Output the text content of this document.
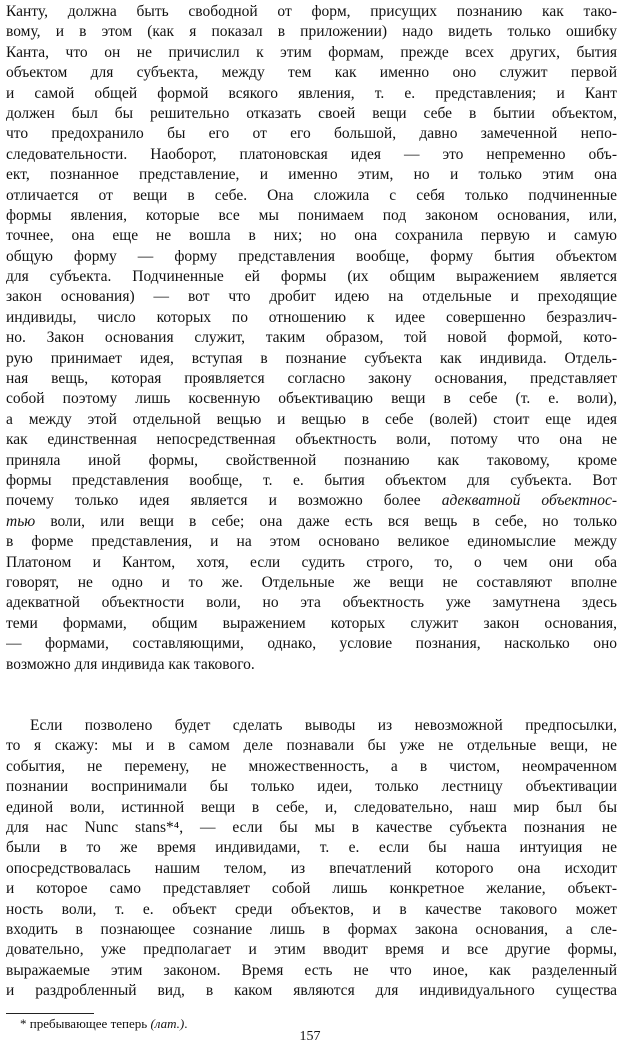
Канту, должна быть свободной от форм, присущих познанию как тако-
вому, и в этом (как я показал в приложении) надо видеть только ошибку
Канта, что он не причислил к этим формам, прежде всех других, бытия
объектом для субъекта, между тем как именно оно служит первой
и самой общей формой всякого явления, т. е. представления; и Кант
должен был бы решительно отказать своей вещи себе в бытии объектом,
что предохранило бы его от его большой, давно замеченной непо-
следовательности. Наоборот, платоновская идея — это непременно объ-
ект, познанное представление, и именно этим, но и только этим она
отличается от вещи в себе. Она сложила с себя только подчиненные
формы явления, которые все мы понимаем под законом основания, или,
точнее, она еще не вошла в них; но она сохранила первую и самую
общую форму — форму представления вообще, форму бытия объектом
для субъекта. Подчиненные ей формы (их общим выражением является
закон основания) — вот что дробит идею на отдельные и преходящие
индивиды, число которых по отношению к идее совершенно безразлич-
но. Закон основания служит, таким образом, той новой формой, кото-
рую принимает идея, вступая в познание субъекта как индивида. Отдель-
ная вещь, которая проявляется согласно закону основания, представляет
собой поэтому лишь косвенную объективацию вещи в себе (т. е. воли),
а между этой отдельной вещью и вещью в себе (волей) стоит еще идея
как единственная непосредственная объектность воли, потому что она не
приняла иной формы, свойственной познанию как таковому, кроме
формы представления вообще, т. е. бытия объектом для субъекта. Вот
почему только идея является и возможно более адекватной объектнос-
тью воли, или вещи в себе; она даже есть вся вещь в себе, но только
в форме представления, и на этом основано великое единомыслие между
Платоном и Кантом, хотя, если судить строго, то, о чем они оба
говорят, не одно и то же. Отдельные же вещи не составляют вполне
адекватной объектности воли, но эта объектность уже замутнена здесь
теми формами, общим выражением которых служит закон основания,
— формами, составляющими, однако, условие познания, насколько оно
возможно для индивида как такового.
Если позволено будет сделать выводы из невозможной предпосылки,
то я скажу: мы и в самом деле познавали бы уже не отдельные вещи, не
события, не перемену, не множественность, а в чистом, неомраченном
познании воспринимали бы только идеи, только лестницу объективации
единой воли, истинной вещи в себе, и, следовательно, наш мир был бы
для нас Nunc stans*⁴, — если бы мы в качестве субъекта познания не
были в то же время индивидами, т. е. если бы наша интуиция не
опосредствовалась нашим телом, из впечатлений которого она исходит
и которое само представляет собой лишь конкретное желание, объект-
ность воли, т. е. объект среди объектов, и в качестве такового может
входить в познающее сознание лишь в формах закона основания, а сле-
довательно, уже предполагает и этим вводит время и все другие формы,
выражаемые этим законом. Время есть не что иное, как разделенный
и раздробленный вид, в каком являются для индивидуального существа
* пребывающее теперь (лат.).
157
